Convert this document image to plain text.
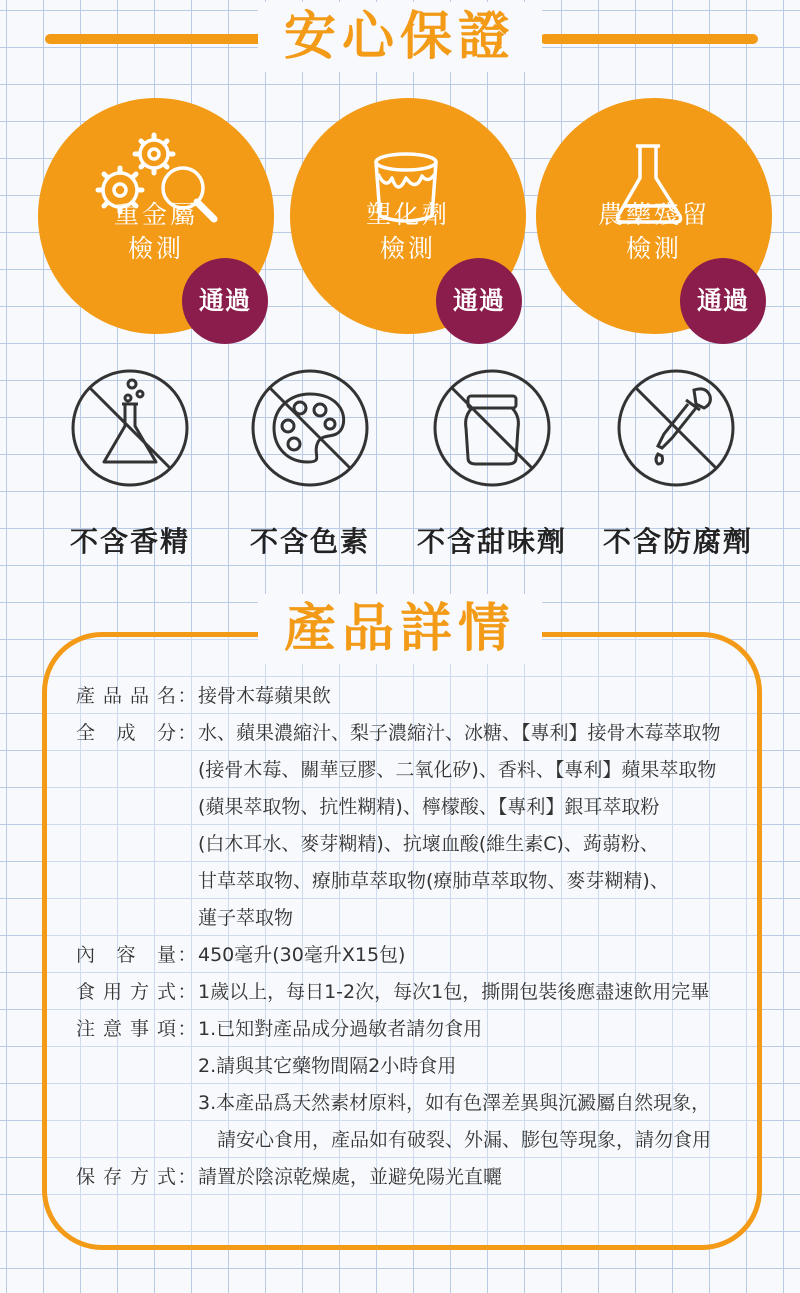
安心保證
重金屬
檢測
通過
塑化劑
檢測
通過
農藥殘留
檢測
通過
不含香精	不含色素	不含甜味劑	不含防腐劑
產品詳情
產品品名 ： 接骨木莓蘋果飲
全成分 ： 水、蘋果濃縮汁、梨子濃縮汁、冰糖、【專利】接骨木莓萃取物
(接骨木莓、關華豆膠、二氧化矽)、香料、【專利】蘋果萃取物
(蘋果萃取物、抗性糊精)、檸檬酸、【專利】銀耳萃取粉
(白木耳水、麥芽糊精)、抗壞血酸(維生素C)、蒟蒻粉、
甘草萃取物、療肺草萃取物(療肺草萃取物、麥芽糊精)、
蓮子萃取物
內容量 ： 450毫升(30毫升X15包)
食用方式 ： 1歲以上，每日1-2次，每次1包，撕開包裝後應盡速飲用完畢
注意事項 ： 1.已知對產品成分過敏者請勿食用
2.請與其它藥物間隔2小時食用
3.本產品爲天然素材原料，如有色澤差異與沉澱屬自然現象，
　請安心食用，產品如有破裂、外漏、膨包等現象，請勿食用
保存方式 ： 請置於陰涼乾燥處，並避免陽光直曬
